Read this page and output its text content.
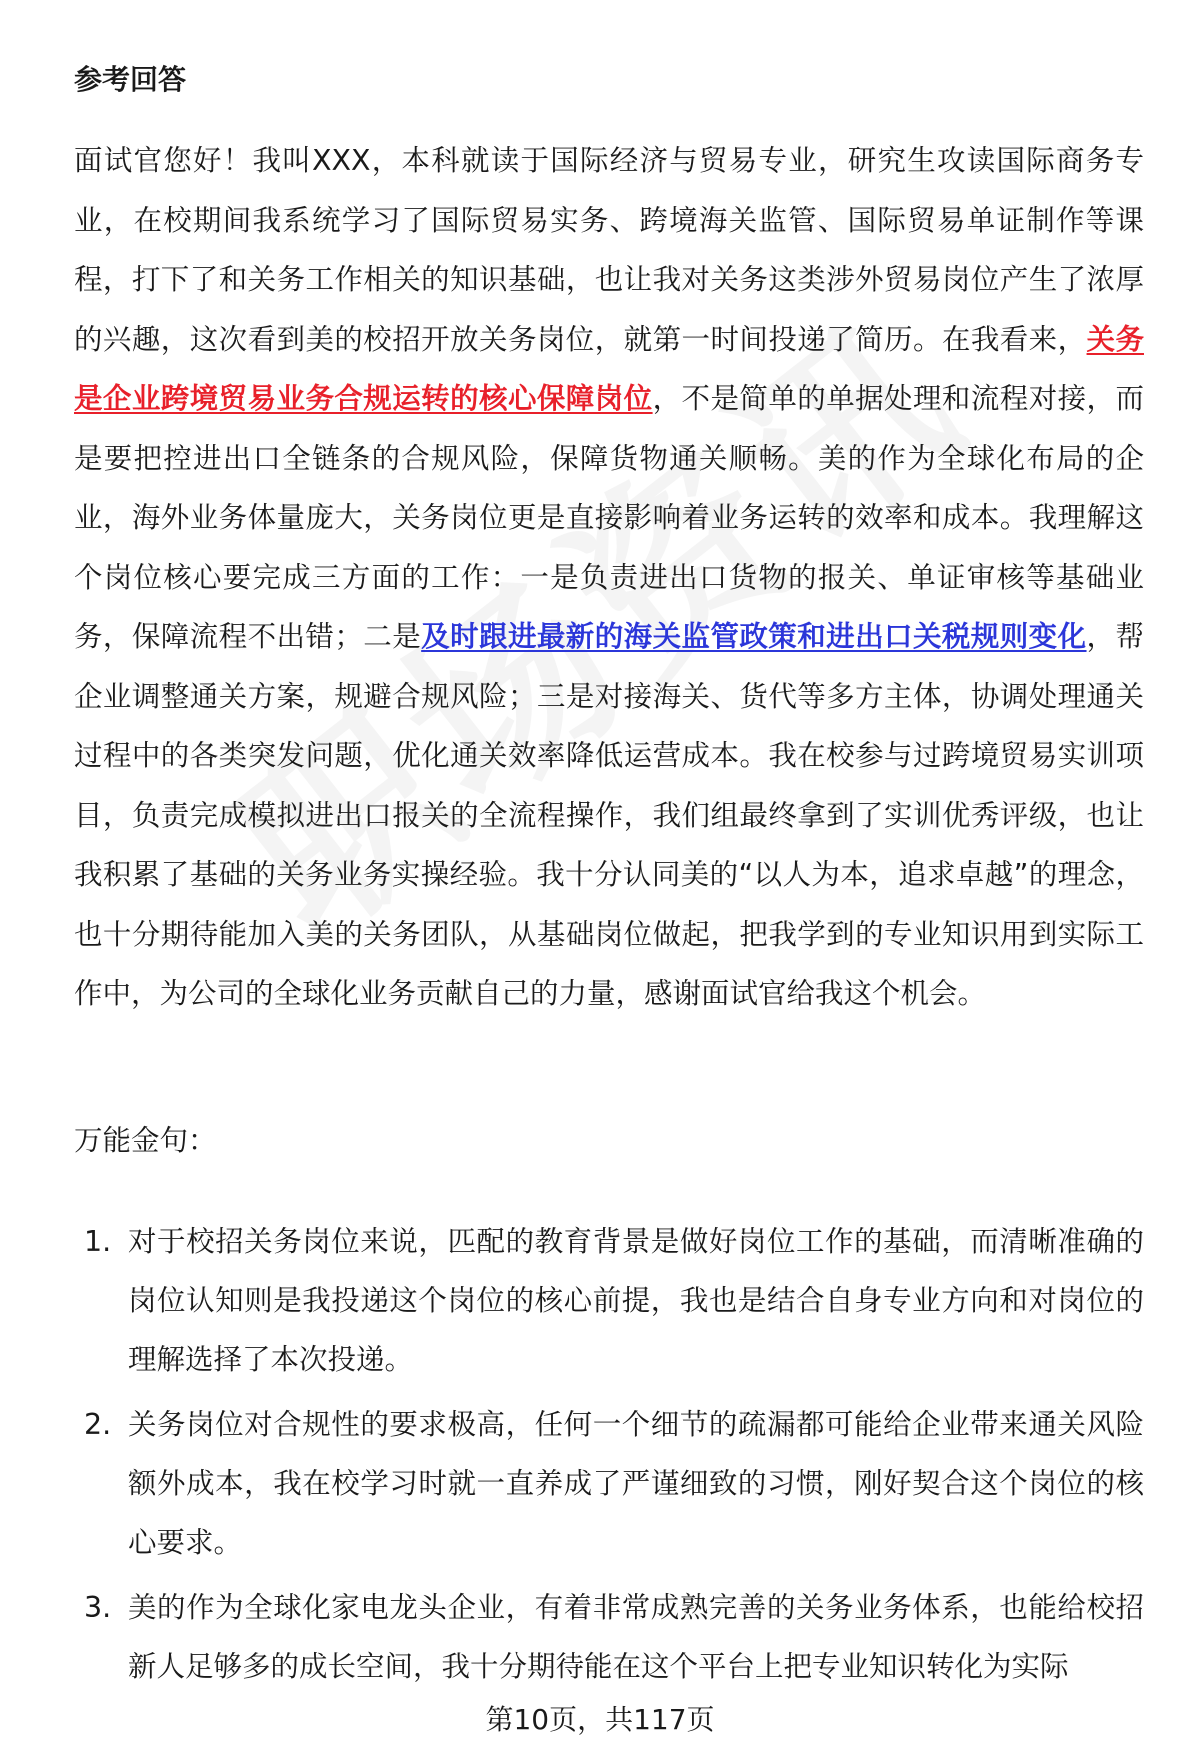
参考回答

面试官您好！我叫XXX，本科就读于国际经济与贸易专业，研究生攻读国际商务专业，在校期间我系统学习了国际贸易实务、跨境海关监管、国际贸易单证制作等课程，打下了和关务工作相关的知识基础，也让我对关务这类涉外贸易岗位产生了浓厚的兴趣，这次看到美的校招开放关务岗位，就第一时间投递了简历。在我看来，关务是企业跨境贸易业务合规运转的核心保障岗位，不是简单的单据处理和流程对接，而是要把控进出口全链条的合规风险，保障货物通关顺畅。美的作为全球化布局的企业，海外业务体量庞大，关务岗位更是直接影响着业务运转的效率和成本。我理解这个岗位核心要完成三方面的工作：一是负责进出口货物的报关、单证审核等基础业务，保障流程不出错；二是及时跟进最新的海关监管政策和进出口关税规则变化，帮企业调整通关方案，规避合规风险；三是对接海关、货代等多方主体，协调处理通关过程中的各类突发问题，优化通关效率降低运营成本。我在校参与过跨境贸易实训项目，负责完成模拟进出口报关的全流程操作，我们组最终拿到了实训优秀评级，也让我积累了基础的关务业务实操经验。我十分认同美的“以人为本，追求卓越”的理念，也十分期待能加入美的关务团队，从基础岗位做起，把我学到的专业知识用到实际工作中，为公司的全球化业务贡献自己的力量，感谢面试官给我这个机会。

万能金句：

1. 对于校招关务岗位来说，匹配的教育背景是做好岗位工作的基础，而清晰准确的岗位认知则是我投递这个岗位的核心前提，我也是结合自身专业方向和对岗位的理解选择了本次投递。
2. 关务岗位对合规性的要求极高，任何一个细节的疏漏都可能给企业带来通关风险额外成本，我在校学习时就一直养成了严谨细致的习惯，刚好契合这个岗位的核心要求。
3. 美的作为全球化家电龙头企业，有着非常成熟完善的关务业务体系，也能给校招新人足够多的成长空间，我十分期待能在这个平台上把专业知识转化为实际

第10页，共117页
